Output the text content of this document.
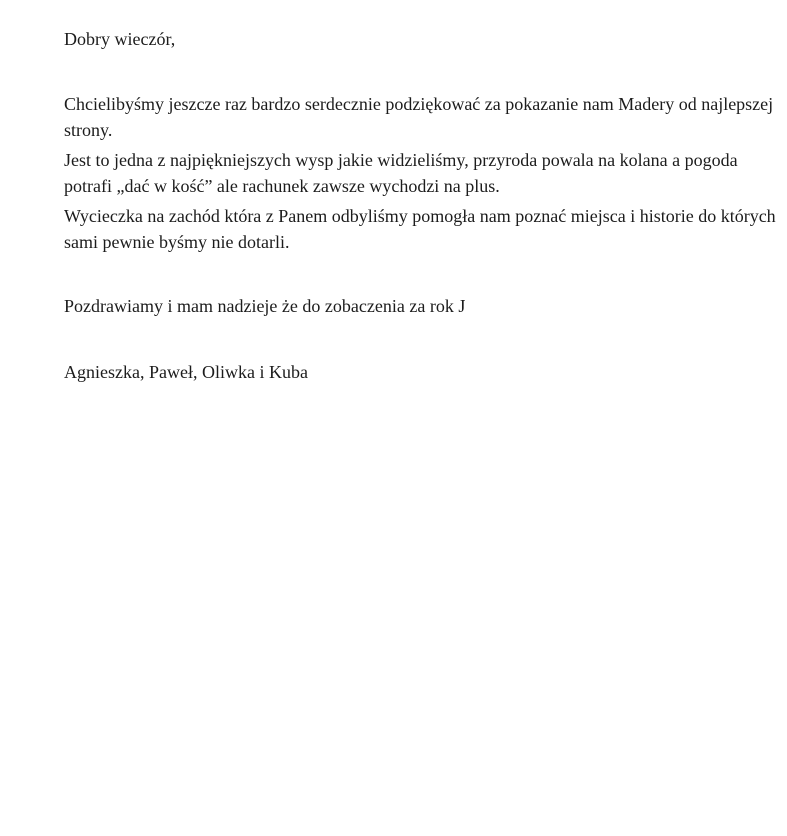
Dobry wieczór,
Chcielibyśmy jeszcze raz bardzo serdecznie podziękować za pokazanie nam Madery od najlepszej
strony.
Jest to jedna z najpiękniejszych wysp jakie widzieliśmy, przyroda powala na kolana a pogoda
potrafi „dać w kość” ale rachunek zawsze wychodzi na plus.
Wycieczka na zachód która z Panem odbyliśmy pomogła nam poznać miejsca i historie do których
sami pewnie byśmy nie dotarli.
Pozdrawiamy i mam nadzieje że do zobaczenia za rok J
Agnieszka, Paweł, Oliwka i Kuba
